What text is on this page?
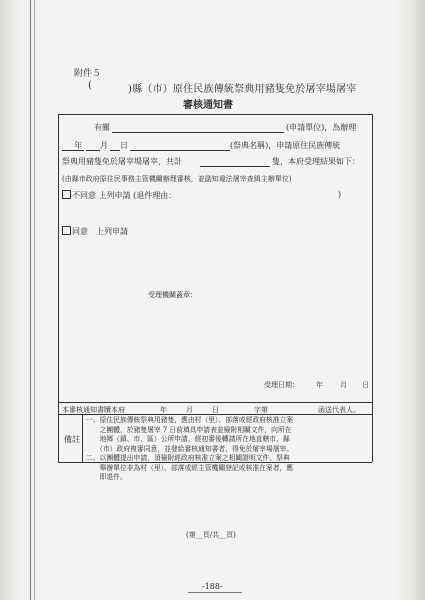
附件５
(	)縣（市）原住民族傳統祭典用豬隻免於屠宰場屠宰
審核通知書
有關	(申請單位)，為辦理
年 月 日	(祭典名稱)，申請原住民族傳統
祭典用豬隻免於屠宰場屠宰，共計	隻，本府受理結果如下：
(由縣市政府原住民事務主管機關辦理審核，並副知違法屠宰查緝主辦單位)
不同意 上列申請 (退件理由：	)
同意　上列申請
受理機關蓋章：
受理日期： 年 月 日
本審核通知書牘本府	年	月	日	字第	函送代表人。
備註
一、原住民族傳統祭典用豬隻，應由村（里）、部落或經政府核准立案
　　之團體，於豬隻屠宰 7 日前填具申請表並檢附相關文件，向所在
　　地鄉（鎮、市、區）公所申請，經初審後轉請所在地直轄市、縣
　　（市）政府複審同意，並發給審核通知書者，得免於屠宰場屠宰。
二、以團體提出申請，須檢附經政府核准立案之相關證明文件。祭典
　　舉辦單位非為村（里）、部落或經主管機關登記或核准在案者，應
　　即退件。
(第__頁/共__頁)
-188-
